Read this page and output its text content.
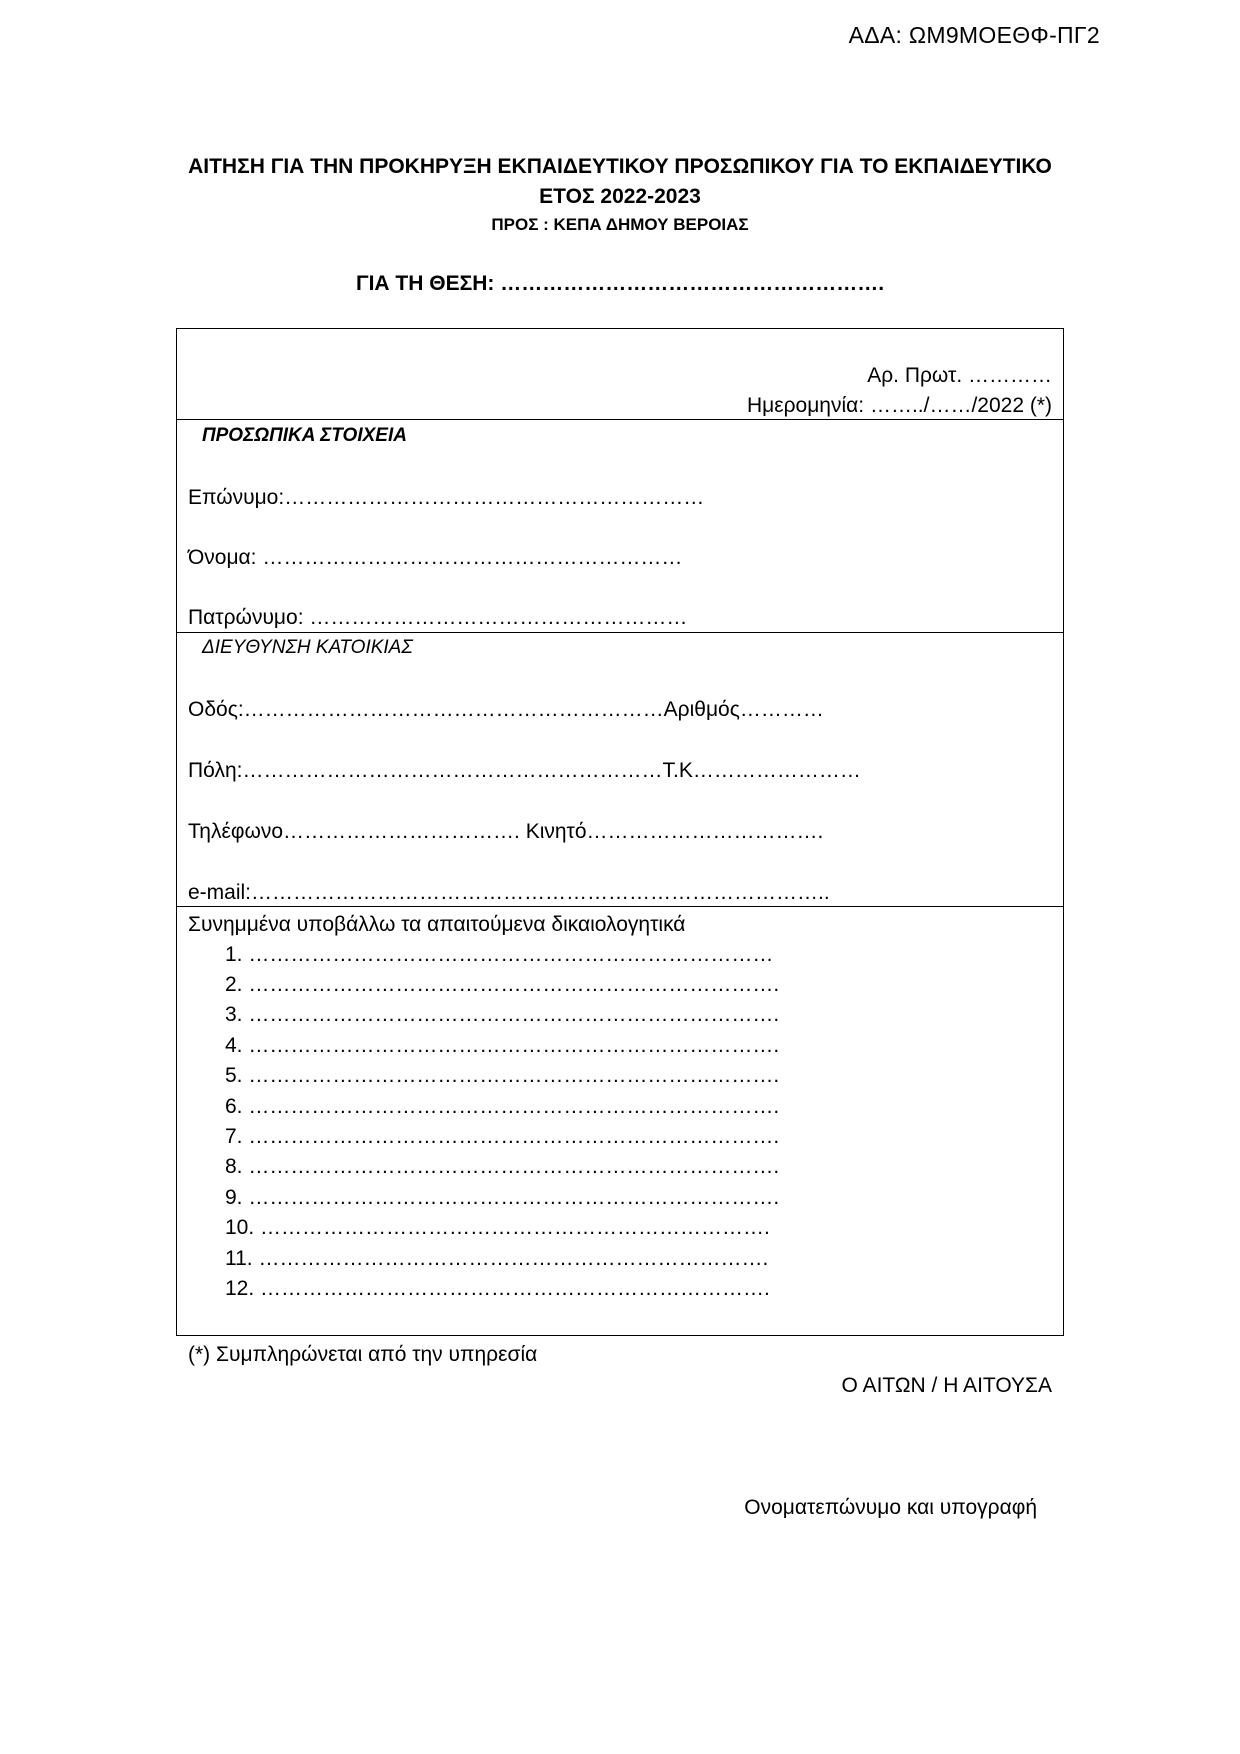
ΑΔΑ: ΩΜ9ΜΟΕΘΦ-ΠΓ2
ΑΙΤΗΣΗ ΓΙΑ ΤΗΝ ΠΡΟΚΗΡΥΞΗ ΕΚΠΑΙΔΕΥΤΙΚΟΥ ΠΡΟΣΩΠΙΚΟΥ ΓΙΑ ΤΟ ΕΚΠΑΙΔΕΥΤΙΚΟ
ΕΤΟΣ 2022-2023
ΠΡΟΣ : ΚΕΠΑ ΔΗΜΟΥ ΒΕΡΟΙΑΣ
ΓΙΑ ΤΗ ΘΕΣΗ: ……………………………………………….
Αρ. Πρωτ. …………
Ημερομηνία: ……../……/2022 (*)
ΠΡΟΣΩΠΙΚΑ ΣΤΟΙΧΕΙΑ
Επώνυμο:……………………………………………………
Όνομα: ……………………………………………………
Πατρώνυμο: ………………………………………………
ΔΙΕΥΘΥΝΣΗ ΚΑΤΟΙΚΙΑΣ
Οδός:……………………………………………………Αριθμός…………
Πόλη:……………………………………………………Τ.Κ……………………
Τηλέφωνο……………………………. Κινητό…………………………….
e-mail:………………………………………………………………………..
Συνημμένα υποβάλλω τα απαιτούμενα δικαιολογητικά
1. …………………………………………………………………
2. ………………………………………………………………….
3. ………………………………………………………………….
4. ………………………………………………………………….
5. ………………………………………………………………….
6. ………………………………………………………………….
7. ………………………………………………………………….
8. ………………………………………………………………….
9. ………………………………………………………………….
10. ……………………………………………………………….
11. ……………………………………………………………….
12. ……………………………………………………………….
(*) Συμπληρώνεται από την υπηρεσία
Ο ΑΙΤΩΝ / Η ΑΙΤΟΥΣΑ
Ονοματεπώνυμο και υπογραφή
